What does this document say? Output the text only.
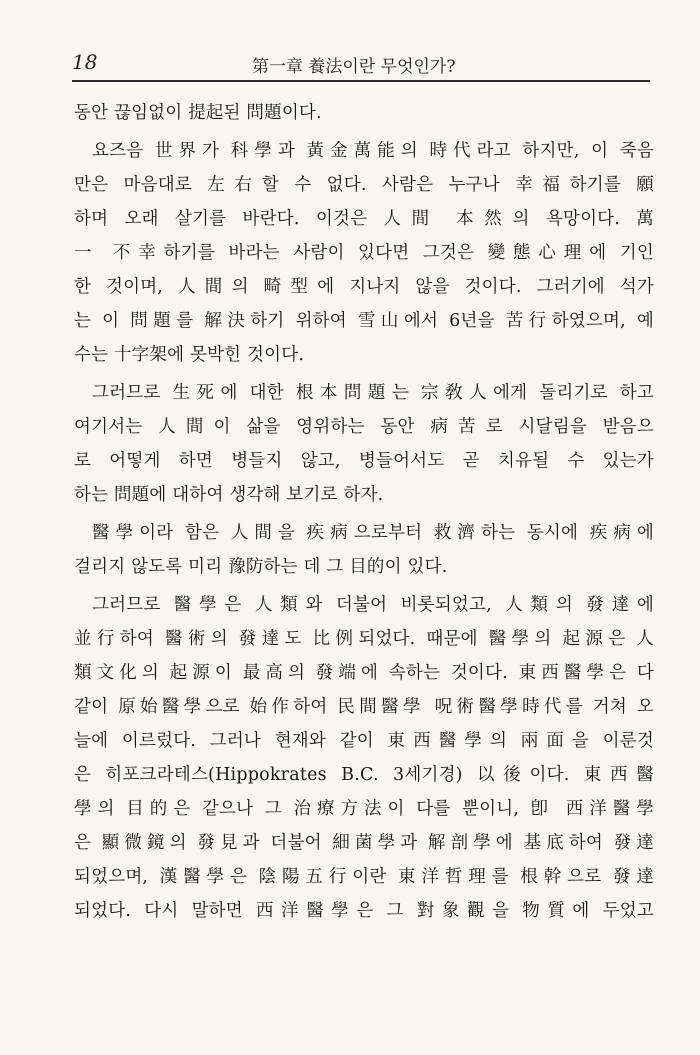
18	第一章 養法이란 무엇인가?
동안 끊임없이 提起된 問題이다.
요즈음 世界가 科學과 黃金萬能의 時代라고 하지만, 이 죽음
만은 마음대로 左右할 수 없다. 사람은 누구나 幸福하기를 願
하며 오래 살기를 바란다. 이것은 人間 本然의 욕망이다. 萬
一 不幸하기를 바라는 사람이 있다면 그것은 變態心理에 기인
한 것이며, 人間의 畸型에 지나지 않을 것이다. 그러기에 석가
는 이 問題를 解決하기 위하여 雪山에서 6년을 苦行하였으며, 예
수는 十字架에 못박힌 것이다.
그러므로 生死에 대한 根本問題는 宗敎人에게 돌리기로 하고
여기서는 人間이 삶을 영위하는 동안 病苦로 시달림을 받음으
로 어떻게 하면 병들지 않고, 병들어서도 곧 치유될 수 있는가
하는 問題에 대하여 생각해 보기로 하자.
醫學이라 함은 人間을 疾病으로부터 救濟하는 동시에 疾病에
걸리지 않도록 미리 豫防하는 데 그 目的이 있다.
그러므로 醫學은 人類와 더불어 비롯되었고, 人類의 發達에
並行하여 醫術의 發達도 比例되었다. 때문에 醫學의 起源은 人
類文化의 起源이 最高의 發端에 속하는 것이다. 東西醫學은 다
같이 原始醫學으로 始作하여 民間醫學 呪術醫學時代를 거쳐 오
늘에 이르렀다. 그러나 현재와 같이 東西醫學의 兩面을 이룬것
은 히포크라테스(Hippokrates B.C. 3세기경) 以後이다. 東西醫
學의 目的은 같으나 그 治療方法이 다를 뿐이니, 卽 西洋醫學
은 顯微鏡의 發見과 더불어 細菌學과 解剖學에 基底하여 發達
되었으며, 漢醫學은 陰陽五行이란 東洋哲理를 根幹으로 發達
되었다. 다시 말하면 西洋醫學은 그 對象觀을 物質에 두었고
